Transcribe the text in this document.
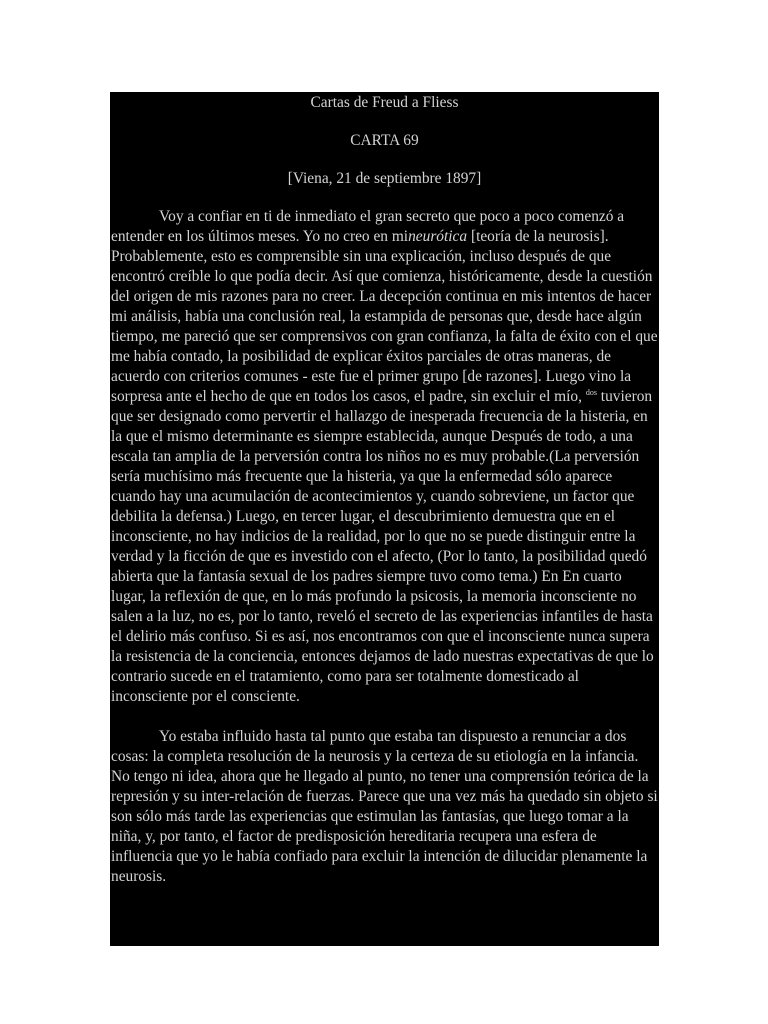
Cartas de Freud a Fliess

CARTA 69

[Viena, 21 de septiembre 1897]

Voy a confiar en ti de inmediato el gran secreto que poco a poco comenzó a entender en los últimos meses. Yo no creo en mineurótica [teoría de la neurosis]. Probablemente, esto es comprensible sin una explicación, incluso después de que encontró creíble lo que podía decir. Así que comienza, históricamente, desde la cuestión del origen de mis razones para no creer. La decepción continua en mis intentos de hacer mi análisis, había una conclusión real, la estampida de personas que, desde hace algún tiempo, me pareció que ser comprensivos con gran confianza, la falta de éxito con el que me había contado, la posibilidad de explicar éxitos parciales de otras maneras, de acuerdo con criterios comunes - este fue el primer grupo [de razones]. Luego vino la sorpresa ante el hecho de que en todos los casos, el padre, sin excluir el mío, $^{dos}$ tuvieron que ser designado como pervertir el hallazgo de inesperada frecuencia de la histeria, en la que el mismo determinante es siempre establecida, aunque Después de todo, a una escala tan amplia de la perversión contra los niños no es muy probable.(La perversión sería muchísimo más frecuente que la histeria, ya que la enfermedad sólo aparece cuando hay una acumulación de acontecimientos y, cuando sobreviene, un factor que debilita la defensa.) Luego, en tercer lugar, el descubrimiento demuestra que en el inconsciente, no hay indicios de la realidad, por lo que no se puede distinguir entre la verdad y la ficción de que es investido con el afecto, (Por lo tanto, la posibilidad quedó abierta que la fantasía sexual de los padres siempre tuvo como tema.) En En cuarto lugar, la reflexión de que, en lo más profundo la psicosis, la memoria inconsciente no salen a la luz, no es, por lo tanto, reveló el secreto de las experiencias infantiles de hasta el delirio más confuso. Si es así, nos encontramos con que el inconsciente nunca supera la resistencia de la conciencia, entonces dejamos de lado nuestras expectativas de que lo contrario sucede en el tratamiento, como para ser totalmente domesticado al inconsciente por el consciente.

Yo estaba influido hasta tal punto que estaba tan dispuesto a renunciar a dos cosas: la completa resolución de la neurosis y la certeza de su etiología en la infancia. No tengo ni idea, ahora que he llegado al punto, no tener una comprensión teórica de la represión y su inter-relación de fuerzas. Parece que una vez más ha quedado sin objeto si son sólo más tarde las experiencias que estimulan las fantasías, que luego tomar a la niña, y, por tanto, el factor de predisposición hereditaria recupera una esfera de influencia que yo le había confiado para excluir la intención de dilucidar plenamente la neurosis.
